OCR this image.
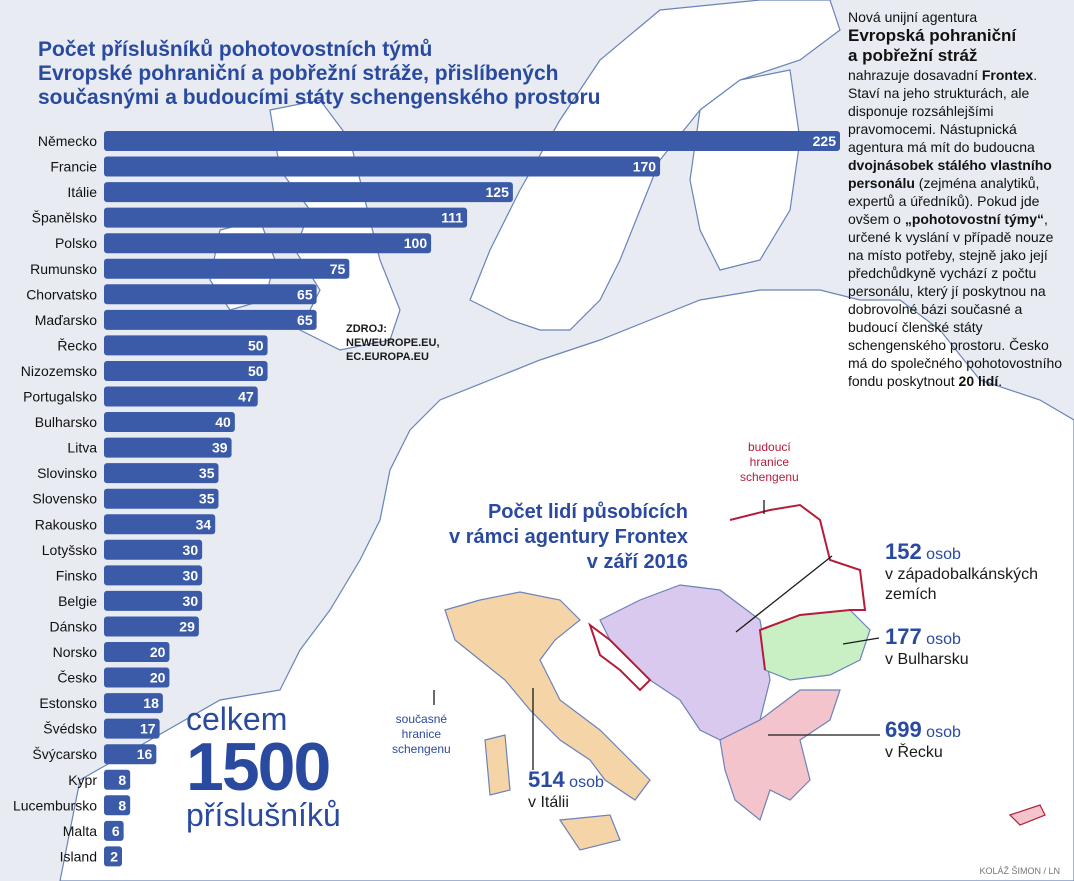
Německo	225
Francie	170
Itálie	125
Španělsko	111
Polsko	100
Rumunsko	75
Chorvatsko	65
Maďarsko	65
Řecko	50
Nizozemsko	50
Portugalsko	47
Bulharsko	40
Litva	39
Slovinsko	35
Slovensko	35
Rakousko	34
Lotyšsko	30
Finsko	30
Belgie	30
Dánsko	29
Norsko	20
Česko	20
Estonsko	18
Švédsko	17
Švýcarsko	16
Kypr 8
Lucembursko 8
Malta 6
Island 2
Počet příslušníků pohotovostních týmů
Evropské pohraniční a pobřežní stráže, přislíbených
současnými a budoucími státy schengenského prostoru
ZDROJ:
NEWEUROPE.EU,
EC.EUROPA.EU
Nová unijní agentura
Evropská pohraniční
a pobřežní stráž
nahrazuje dosavadní Frontex. Staví na jeho strukturách, ale disponuje rozsáhlejšími pravomocemi. Nástupnická agentura má mít do budoucna dvojnásobek stálého vlastního personálu (zejména analytiků, expertů a úředníků). Pokud jde ovšem o „pohotovostní týmy“, určené k vyslání v případě nouze na místo potřeby, stejně jako její předchůdkyně vychází z počtu personálu, který jí poskytnou na dobrovolné bázi současné a budoucí členské státy schengenského prostoru. Česko má do společného pohotovostního fondu poskytnout 20 lidí.
Počet lidí působících
v rámci agentury Frontex
v září 2016	152 osob
v západobalkánských
zemích
177 osob
v Bulharsku
699 osob
v Řecku
514 osob
v Itálii
budoucí
hranice
schengenu
současné
hranice
schengenu
celkem
1500
příslušníků
KOLÁŽ ŠIMON / LN
